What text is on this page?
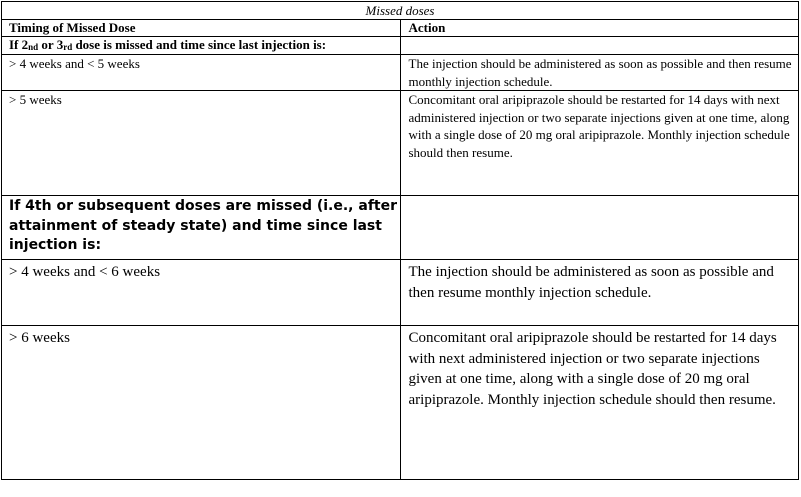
Missed doses	
Timing of Missed Dose	Action
If $2_{nd}$ or $3_{rd}$ dose is missed and time since last injection is:	
> 4 weeks and < 5 weeks	The injection should be administered as soon as possible and then resume monthly injection schedule.
> 5 weeks	Concomitant oral aripiprazole should be restarted for 14 days with next administered injection or two separate injections given at one time, along with a single dose of 20 mg oral aripiprazole. Monthly injection schedule should then resume.
If 4th or subsequent doses are missed (i.e., after attainment of steady state) and time since last injection is:	
> 4 weeks and < 6 weeks	The injection should be administered as soon as possible and then resume monthly injection schedule.
> 6 weeks	Concomitant oral aripiprazole should be restarted for 14 days with next administered injection or two separate injections given at one time, along with a single dose of 20 mg oral aripiprazole. Monthly injection schedule should then resume.
